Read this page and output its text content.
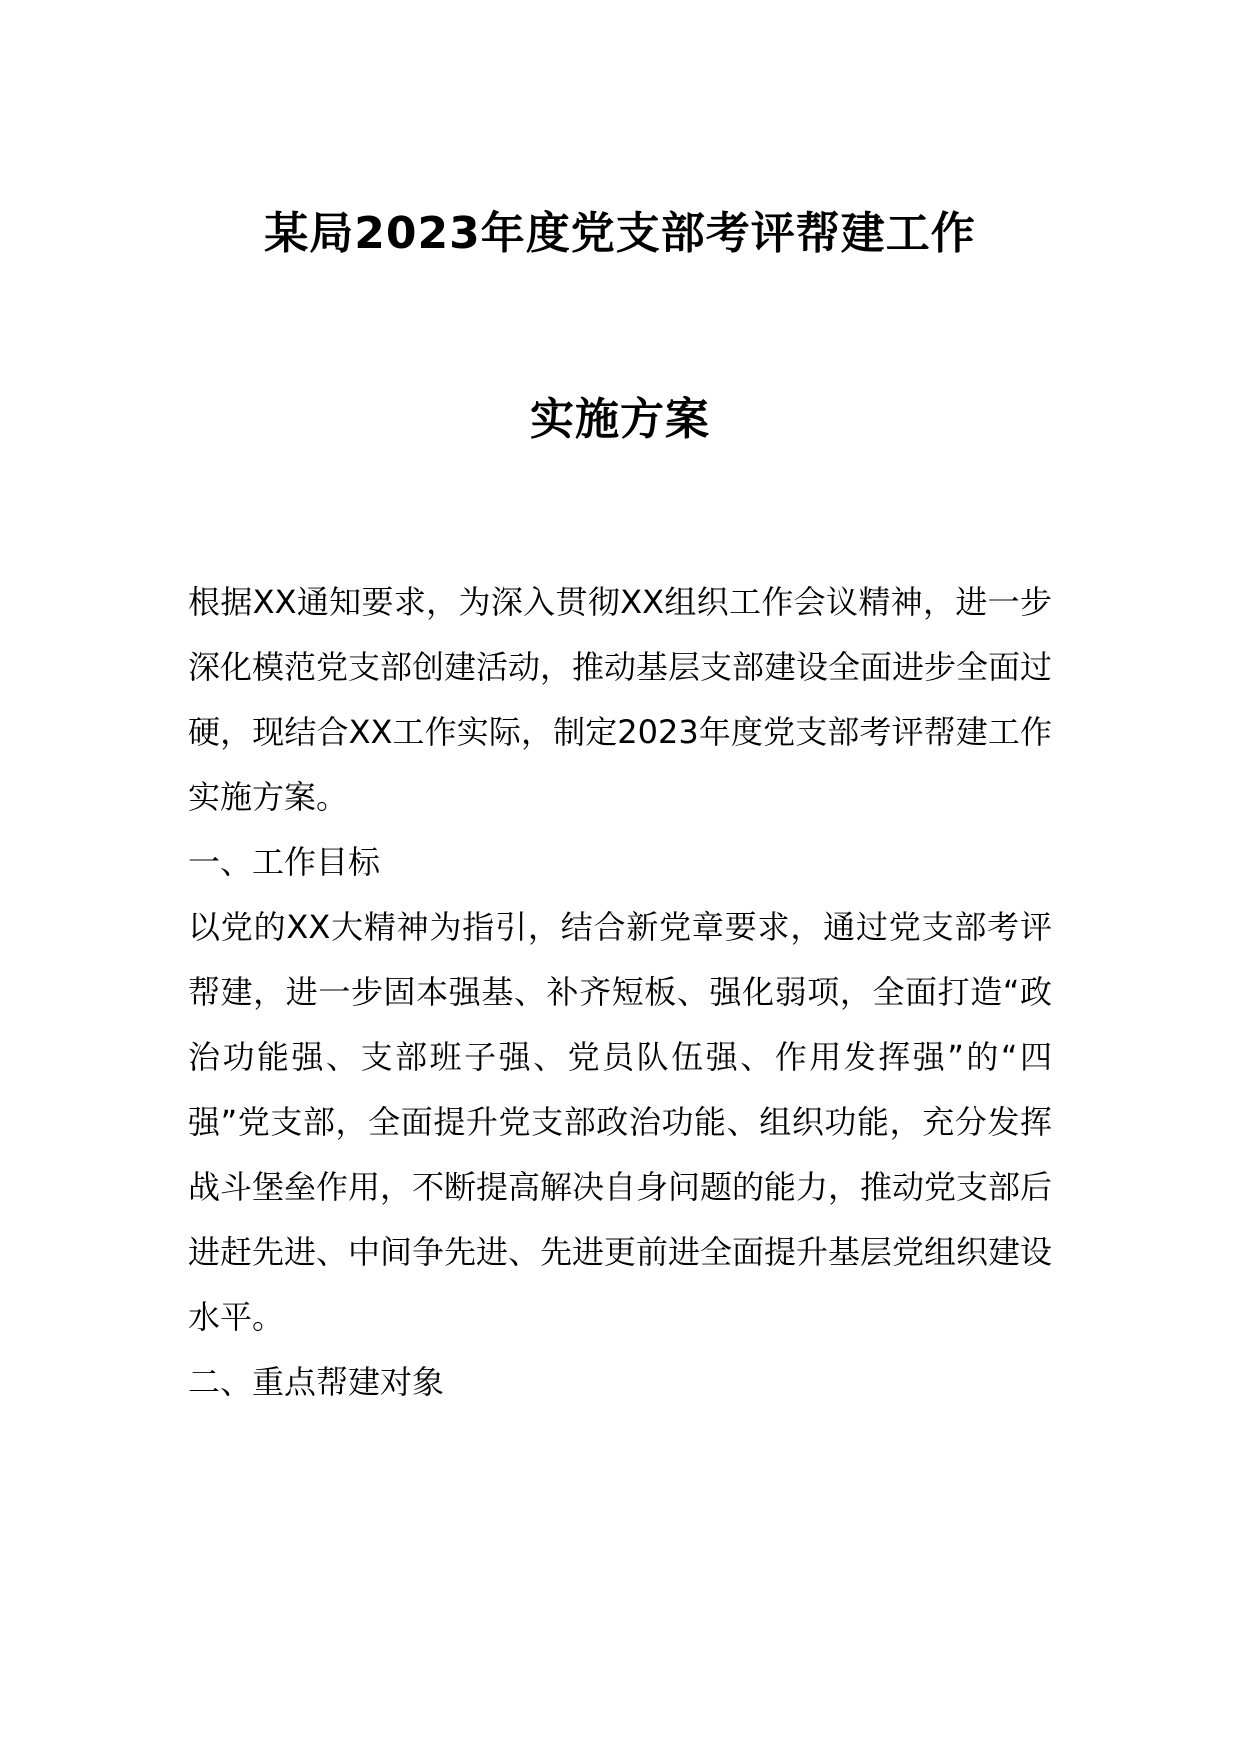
某局2023年度党支部考评帮建工作
实施方案

根据XX通知要求，为深入贯彻XX组织工作会议精神，进一步深化模范党支部创建活动，推动基层支部建设全面进步全面过硬，现结合XX工作实际，制定2023年度党支部考评帮建工作实施方案。

一、工作目标

以党的XX大精神为指引，结合新党章要求，通过党支部考评帮建，进一步固本强基、补齐短板、强化弱项，全面打造“政治功能强、支部班子强、党员队伍强、作用发挥强”的“四强”党支部，全面提升党支部政治功能、组织功能，充分发挥战斗堡垒作用，不断提高解决自身问题的能力，推动党支部后进赶先进、中间争先进、先进更前进全面提升基层党组织建设水平。

二、重点帮建对象
